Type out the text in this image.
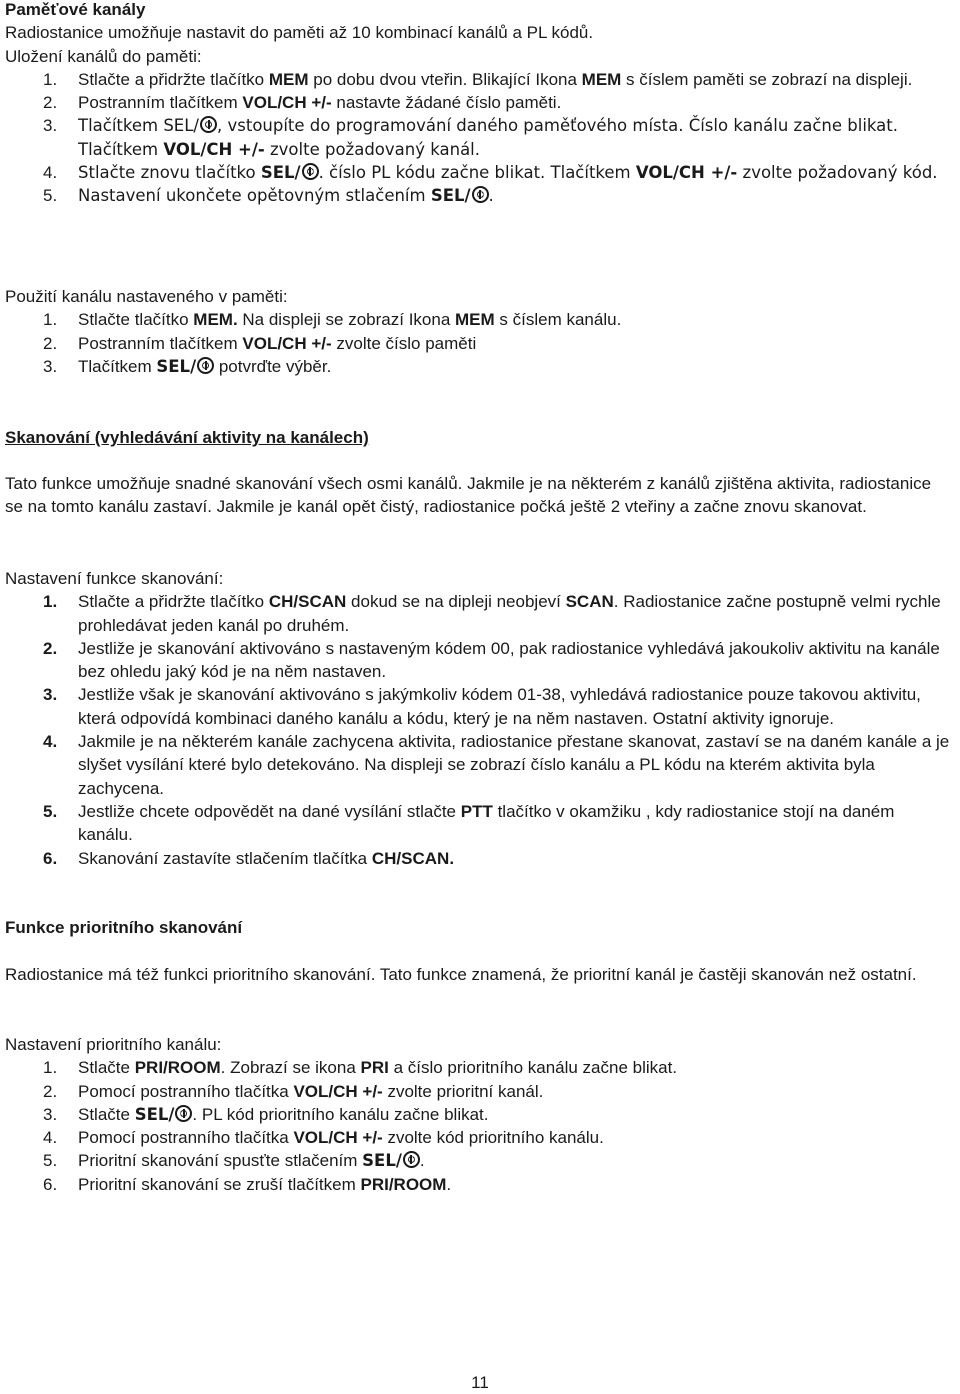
Paměťové kanály
Radiostanice umožňuje nastavit do paměti až 10 kombinací kanálů a PL kódů.
Uložení kanálů do paměti:
1. Stlačte a přidržte tlačítko MEM po dobu dvou vteřin. Blikající Ikona MEM s číslem paměti se zobrazí na displeji.
2. Postranním tlačítkem VOL/CH +/- nastavte žádané číslo paměti.
3. Tlačítkem SEL/ , vstoupíte do programování daného paměťového místa. Číslo kanálu začne blikat. Tlačítkem VOL/CH +/- zvolte požadovaný kanál.
4. Stlačte znovu tlačítko SEL/ . číslo PL kódu začne blikat. Tlačítkem VOL/CH +/- zvolte požadovaný kód.
5. Nastavení ukončete opětovným stlačením SEL/ .
Použití kanálu nastaveného v paměti:
1. Stlačte tlačítko MEM. Na displeji se zobrazí Ikona MEM s číslem kanálu.
2. Postranním tlačítkem VOL/CH +/- zvolte číslo paměti
3. Tlačítkem SEL/ potvrďte výběr.
Skanování (vyhledávání aktivity na kanálech)
Tato funkce umožňuje snadné skanování všech osmi kanálů. Jakmile je na některém z kanálů zjištěna aktivita, radiostanice se na tomto kanálu zastaví. Jakmile je kanál opět čistý, radiostanice počká ještě 2 vteřiny a začne znovu skanovat.
Nastavení funkce skanování:
1. Stlačte a přidržte tlačítko CH/SCAN dokud se na dipleji neobjeví SCAN. Radiostanice začne postupně velmi rychle prohledávat jeden kanál po druhém.
2. Jestliže je skanování aktivováno s nastaveným kódem 00, pak radiostanice vyhledává jakoukoliv aktivitu na kanále bez ohledu jaký kód je na něm nastaven.
3. Jestliže však je skanování aktivováno s jakýmkoliv kódem 01-38, vyhledává radiostanice pouze takovou aktivitu, která odpovídá kombinaci daného kanálu a kódu, který je na něm nastaven. Ostatní aktivity ignoruje.
4. Jakmile je na některém kanále zachycena aktivita, radiostanice přestane skanovat, zastaví se na daném kanále a je slyšet vysílání které bylo detekováno. Na displeji se zobrazí číslo kanálu a PL kódu na kterém aktivita byla zachycena.
5. Jestliže chcete odpovědět na dané vysílání stlačte PTT tlačítko v okamžiku , kdy radiostanice stojí na daném kanálu.
6. Skanování zastavíte stlačením tlačítka CH/SCAN.
Funkce prioritního skanování
Radiostanice má též funkci prioritního skanování. Tato funkce znamená, že prioritní kanál je častěji skanován než ostatní.
Nastavení prioritního kanálu:
1. Stlačte PRI/ROOM. Zobrazí se ikona PRI a číslo prioritního kanálu začne blikat.
2. Pomocí postranního tlačítka VOL/CH +/- zvolte prioritní kanál.
3. Stlačte SEL/ . PL kód prioritního kanálu začne blikat.
4. Pomocí postranního tlačítka VOL/CH +/- zvolte kód prioritního kanálu.
5. Prioritní skanování spusťte stlačením SEL/ .
6. Prioritní skanování se zruší tlačítkem PRI/ROOM.
11
